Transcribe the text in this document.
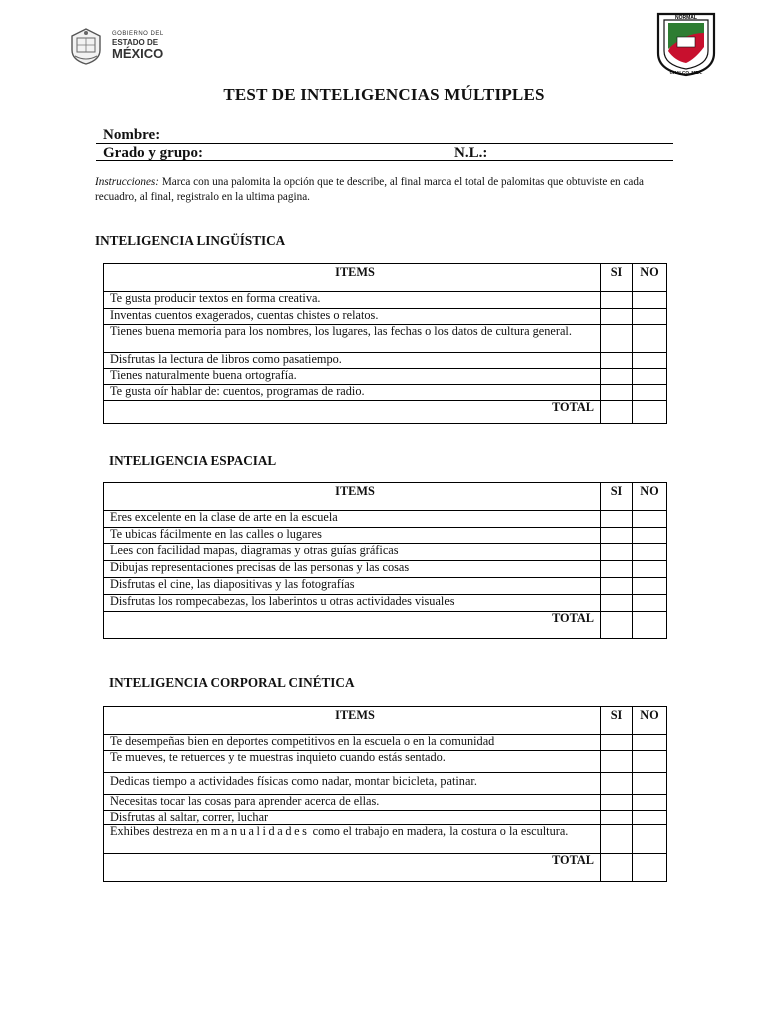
GOBIERNO DEL
ESTADO DE
MÉXICO
NORMAL
CHALCO, MEX.
TEST DE INTELIGENCIAS MÚLTIPLES
Nombre:
Grado y grupo:	N.L.:
Instrucciones: Marca con una palomita la opción que te describe, al final marca el total de palomitas que obtuviste en cada recuadro, al final, registralo en la ultima pagina.
INTELIGENCIA LINGÜÍSTICA
ITEMS	SI	NO
Te gusta producir textos en forma creativa.		
Inventas cuentos exagerados, cuentas chistes o relatos.		
Tienes buena memoria para los nombres, los lugares, las fechas o los datos de cultura general.		
Disfrutas la lectura de libros como pasatiempo.		
Tienes naturalmente buena ortografía.		
Te gusta oír hablar de: cuentos, programas de radio.		
TOTAL		
INTELIGENCIA ESPACIAL
ITEMS	SI	NO
Eres excelente en la clase de arte en la escuela		
Te ubicas fácilmente en las calles o lugares		
Lees con facilidad mapas, diagramas y otras guías gráficas		
Dibujas representaciones precisas de las personas y las cosas		
Disfrutas el cine, las diapositivas y las fotografías		
Disfrutas los rompecabezas, los laberintos u otras actividades visuales		
TOTAL		
INTELIGENCIA CORPORAL CINÉTICA
ITEMS	SI	NO
Te desempeñas bien en deportes competitivos en la escuela o en la comunidad		
Te mueves, te retuerces y te muestras inquieto cuando estás sentado.		
Dedicas tiempo a actividades físicas como nadar, montar bicicleta, patinar.		
Necesitas tocar las cosas para aprender acerca de ellas.		
Disfrutas al saltar, correr, luchar		
Exhibes destreza en manualidades como el trabajo en madera, la costura o la escultura.		
TOTAL		
